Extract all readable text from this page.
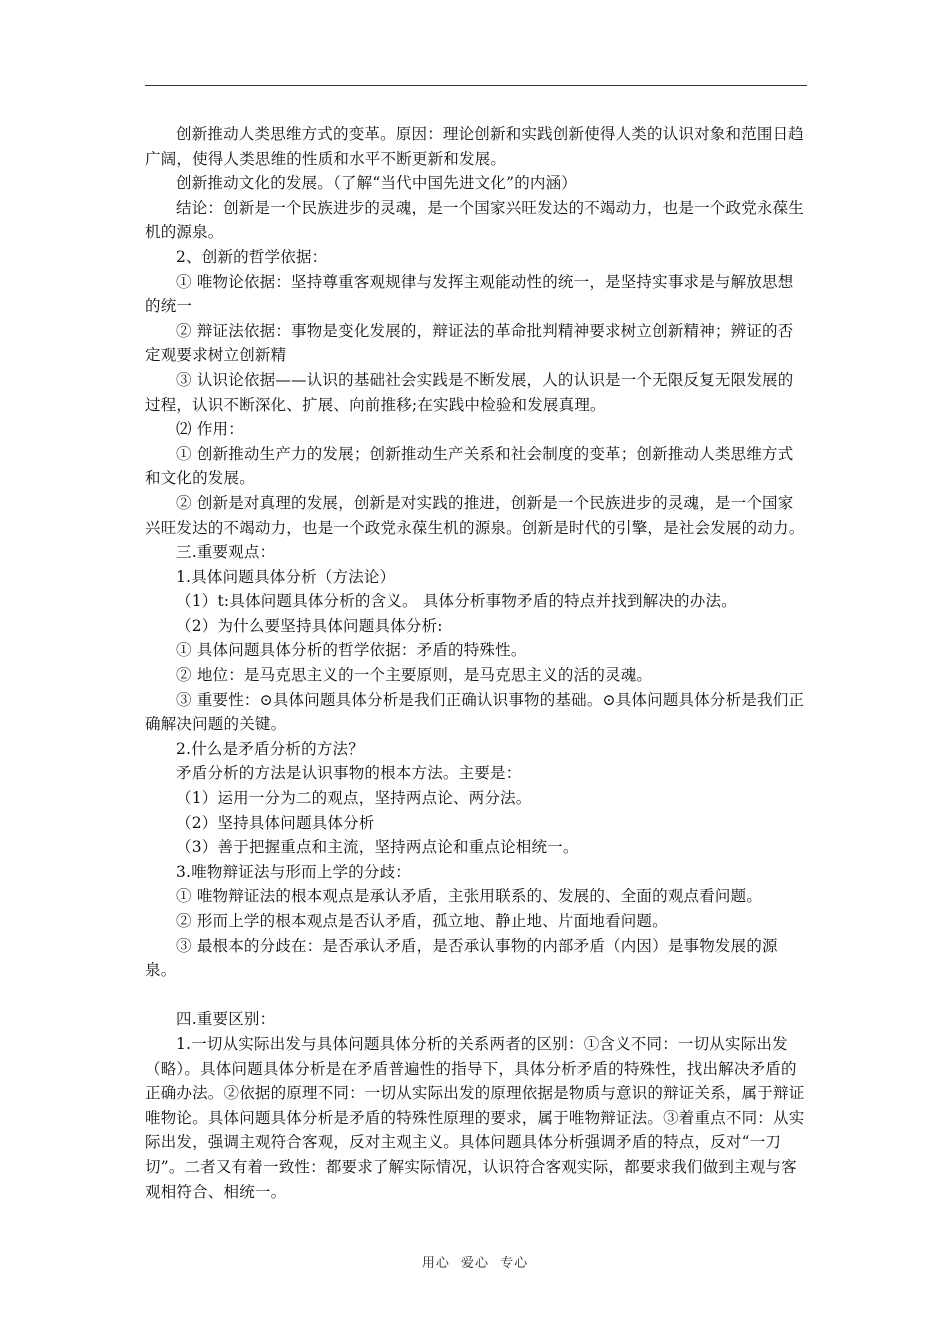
创新推动人类思维方式的变革。原因：理论创新和实践创新使得人类的认识对象和范围日趋广阔，使得人类思维的性质和水平不断更新和发展。

创新推动文化的发展。（了解“当代中国先进文化”的内涵）

结论：创新是一个民族进步的灵魂，是一个国家兴旺发达的不竭动力，也是一个政党永葆生机的源泉。

2、创新的哲学依据：

① 唯物论依据：坚持尊重客观规律与发挥主观能动性的统一，是坚持实事求是与解放思想的统一

② 辩证法依据：事物是变化发展的，辩证法的革命批判精神要求树立创新精神；辨证的否定观要求树立创新精

③ 认识论依据——认识的基础社会实践是不断发展，人的认识是一个无限反复无限发展的过程，认识不断深化、扩展、向前推移;在实践中检验和发展真理。

⑵ 作用：

① 创新推动生产力的发展；创新推动生产关系和社会制度的变革；创新推动人类思维方式和文化的发展。

② 创新是对真理的发展，创新是对实践的推进，创新是一个民族进步的灵魂，是一个国家兴旺发达的不竭动力，也是一个政党永葆生机的源泉。创新是时代的引擎，是社会发展的动力。

三.重要观点：

1.具体问题具体分析（方法论）

（1）t:具体问题具体分析的含义。 具体分析事物矛盾的特点并找到解决的办法。

（2）为什么要坚持具体问题具体分析:

① 具体问题具体分析的哲学依据：矛盾的特殊性。

② 地位：是马克思主义的一个主要原则，是马克思主义的活的灵魂。

③ 重要性：⊙具体问题具体分析是我们正确认识事物的基础。⊙具体问题具体分析是我们正确解决问题的关键。

2.什么是矛盾分析的方法？

矛盾分析的方法是认识事物的根本方法。主要是：

（1）运用一分为二的观点，坚持两点论、两分法。

（2）坚持具体问题具体分析

（3）善于把握重点和主流，坚持两点论和重点论相统一。

3.唯物辩证法与形而上学的分歧：

① 唯物辩证法的根本观点是承认矛盾，主张用联系的、发展的、全面的观点看问题。

② 形而上学的根本观点是否认矛盾，孤立地、静止地、片面地看问题。

③ 最根本的分歧在：是否承认矛盾，是否承认事物的内部矛盾（内因）是事物发展的源泉。

四.重要区别：

1.一切从实际出发与具体问题具体分析的关系两者的区别：①含义不同：一切从实际出发（略）。具体问题具体分析是在矛盾普遍性的指导下，具体分析矛盾的特殊性，找出解决矛盾的正确办法。②依据的原理不同：一切从实际出发的原理依据是物质与意识的辩证关系，属于辩证唯物论。具体问题具体分析是矛盾的特殊性原理的要求，属于唯物辩证法。③着重点不同：从实际出发，强调主观符合客观，反对主观主义。具体问题具体分析强调矛盾的特点，反对“一刀切”。二者又有着一致性：都要求了解实际情况，认识符合客观实际，都要求我们做到主观与客观相符合、相统一。

用心 爱心 专心
